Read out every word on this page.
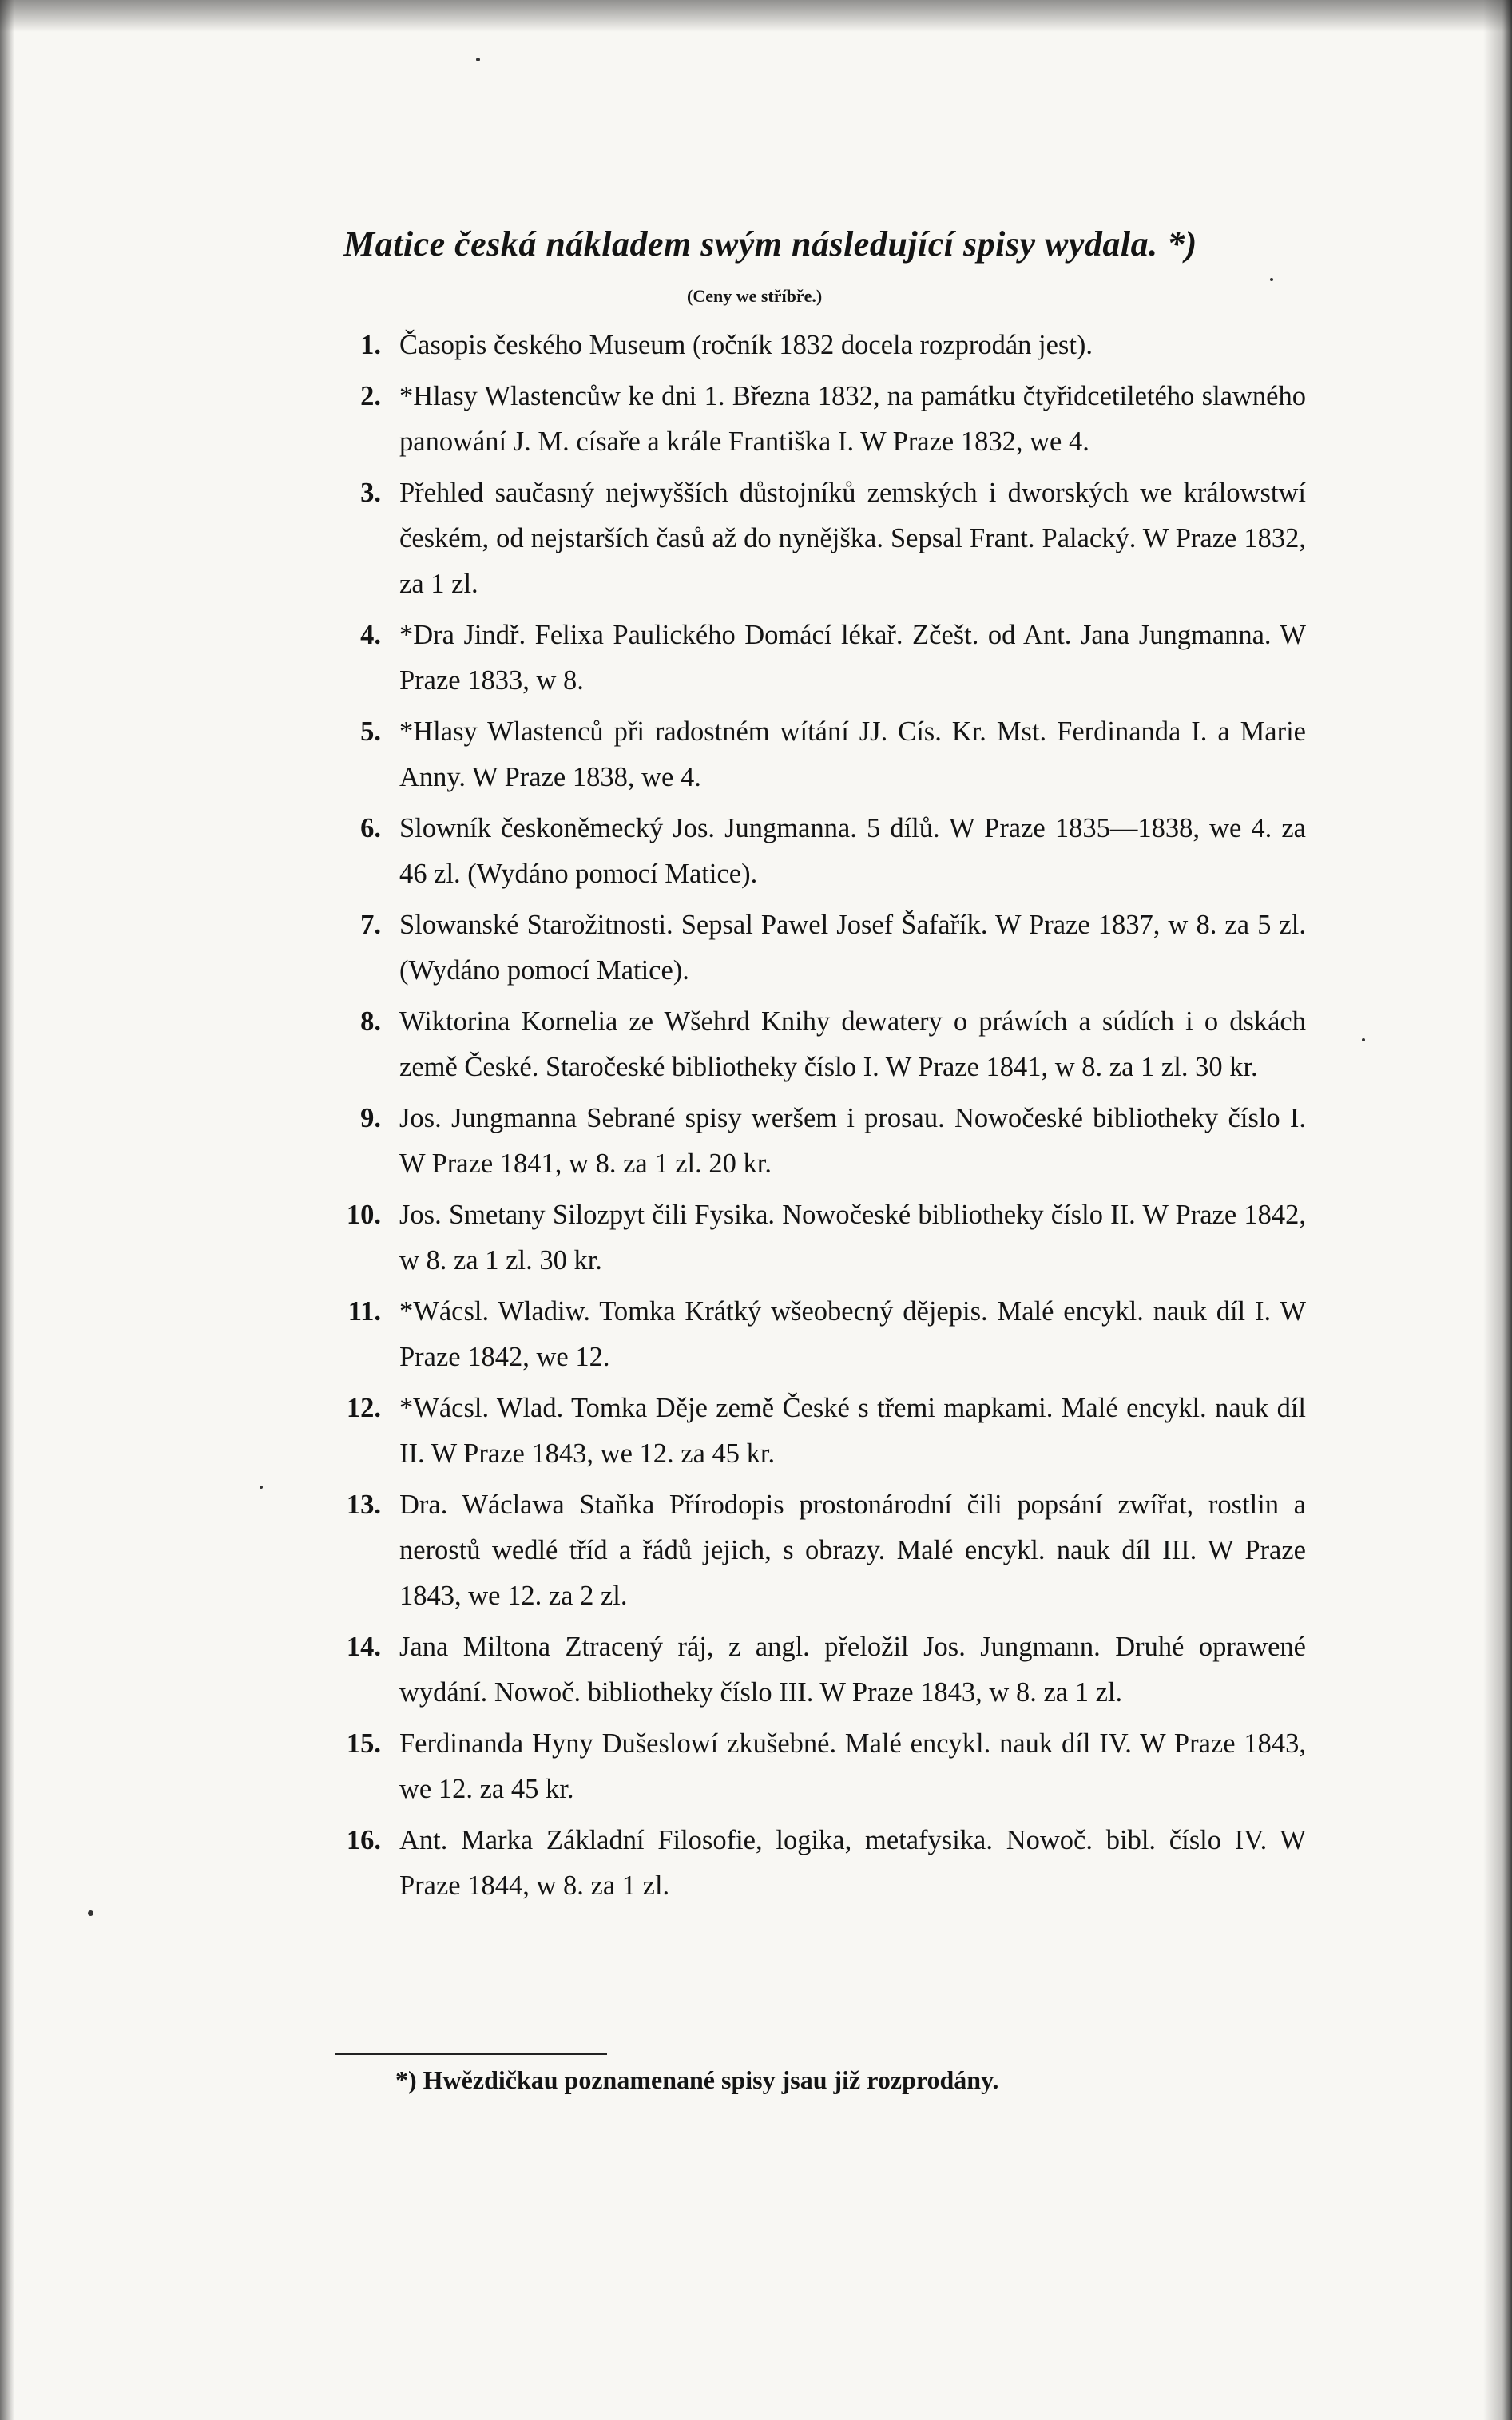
Matice česká nákladem swým následující spisy wydala. *)
(Ceny we stříbře.)
1. Časopis českého Museum (ročník 1832 docela rozprodán jest).
2. *Hlasy Wlastencůw ke dni 1. Března 1832, na památku čtyřidcetiletého slawného panowání J. M. císaře a krále Františka I. W Praze 1832, we 4.
3. Přehled saučasný nejwyšších důstojníků zemských i dworských we králowstwí českém, od nejstarších časů až do nynějška. Sepsal Frant. Palacký. W Praze 1832, za 1 zl.
4. *Dra Jindř. Felixa Paulického Domácí lékař. Zčešt. od Ant. Jana Jungmanna. W Praze 1833, w 8.
5. *Hlasy Wlastenců při radostném wítání JJ. Cís. Kr. Mst. Ferdinanda I. a Marie Anny. W Praze 1838, we 4.
6. Slowník českoněmecký Jos. Jungmanna. 5 dílů. W Praze 1835—1838, we 4. za 46 zl. (Wydáno pomocí Matice).
7. Slowanské Starožitnosti. Sepsal Pawel Josef Šafařík. W Praze 1837, w 8. za 5 zl. (Wydáno pomocí Matice).
8. Wiktorina Kornelia ze Wšehrd Knihy dewatery o práwích a súdích i o dskách země České. Staročeské bibliotheky číslo I. W Praze 1841, w 8. za 1 zl. 30 kr.
9. Jos. Jungmanna Sebrané spisy weršem i prosau. Nowočeské bibliotheky číslo I. W Praze 1841, w 8. za 1 zl. 20 kr.
10. Jos. Smetany Silozpyt čili Fysika. Nowočeské bibliotheky číslo II. W Praze 1842, w 8. za 1 zl. 30 kr.
11. *Wácsl. Wladiw. Tomka Krátký wšeobecný dějepis. Malé encykl. nauk díl I. W Praze 1842, we 12.
12. *Wácsl. Wlad. Tomka Děje země České s třemi mapkami. Malé encykl. nauk díl II. W Praze 1843, we 12. za 45 kr.
13. Dra. Wáclawa Staňka Přírodopis prostonárodní čili popsání zwířat, rostlin a nerostů wedlé tříd a řádů jejich, s obrazy. Malé encykl. nauk díl III. W Praze 1843, we 12. za 2 zl.
14. Jana Miltona Ztracený ráj, z angl. přeložil Jos. Jungmann. Druhé oprawené wydání. Nowoč. bibliotheky číslo III. W Praze 1843, w 8. za 1 zl.
15. Ferdinanda Hyny Dušeslowí zkušebné. Malé encykl. nauk díl IV. W Praze 1843, we 12. za 45 kr.
16. Ant. Marka Základní Filosofie, logika, metafysika. Nowoč. bibl. číslo IV. W Praze 1844, w 8. za 1 zl.
*) Hwězdičkau poznamenané spisy jsau již rozprodány.
